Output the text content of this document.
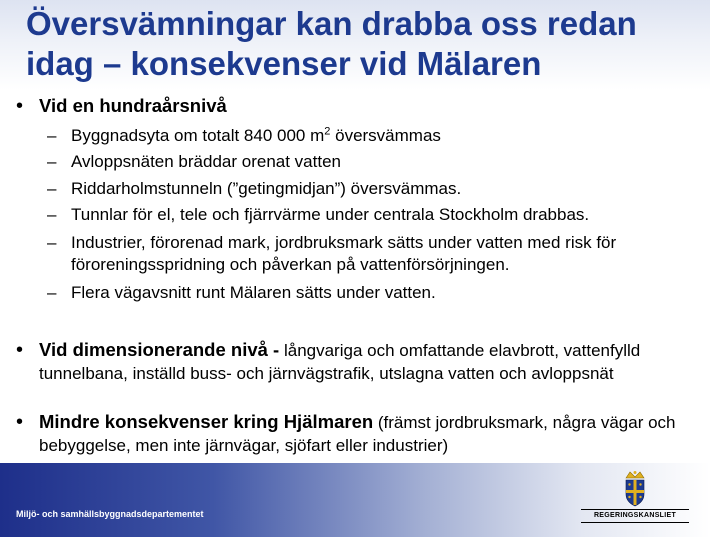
Översvämningar kan drabba oss redan idag – konsekvenser vid Mälaren
• Vid en hundraårsnivå
– Byggnadsyta om totalt 840 000 $m^2$ översvämmas
– Avloppsnäten bräddar orenat vatten
– Riddarholmstunneln (”getingmidjan”) översvämmas.
– Tunnlar för el, tele och fjärrvärme under centrala Stockholm drabbas.
– Industrier, förorenad mark, jordbruksmark sätts under vatten med risk för föroreningsspridning och påverkan på vattenförsörjningen.
– Flera vägavsnitt runt Mälaren sätts under vatten.
• Vid dimensionerande nivå - långvariga och omfattande elavbrott, vattenfylld tunnelbana, inställd buss- och järnvägstrafik, utslagna vatten och avloppsnät
• Mindre konsekvenser kring Hjälmaren (främst jordbruksmark, några vägar och bebyggelse, men inte järnvägar, sjöfart eller industrier)
Miljö- och samhällsbyggnadsdepartementet	REGERINGSKANSLIET
